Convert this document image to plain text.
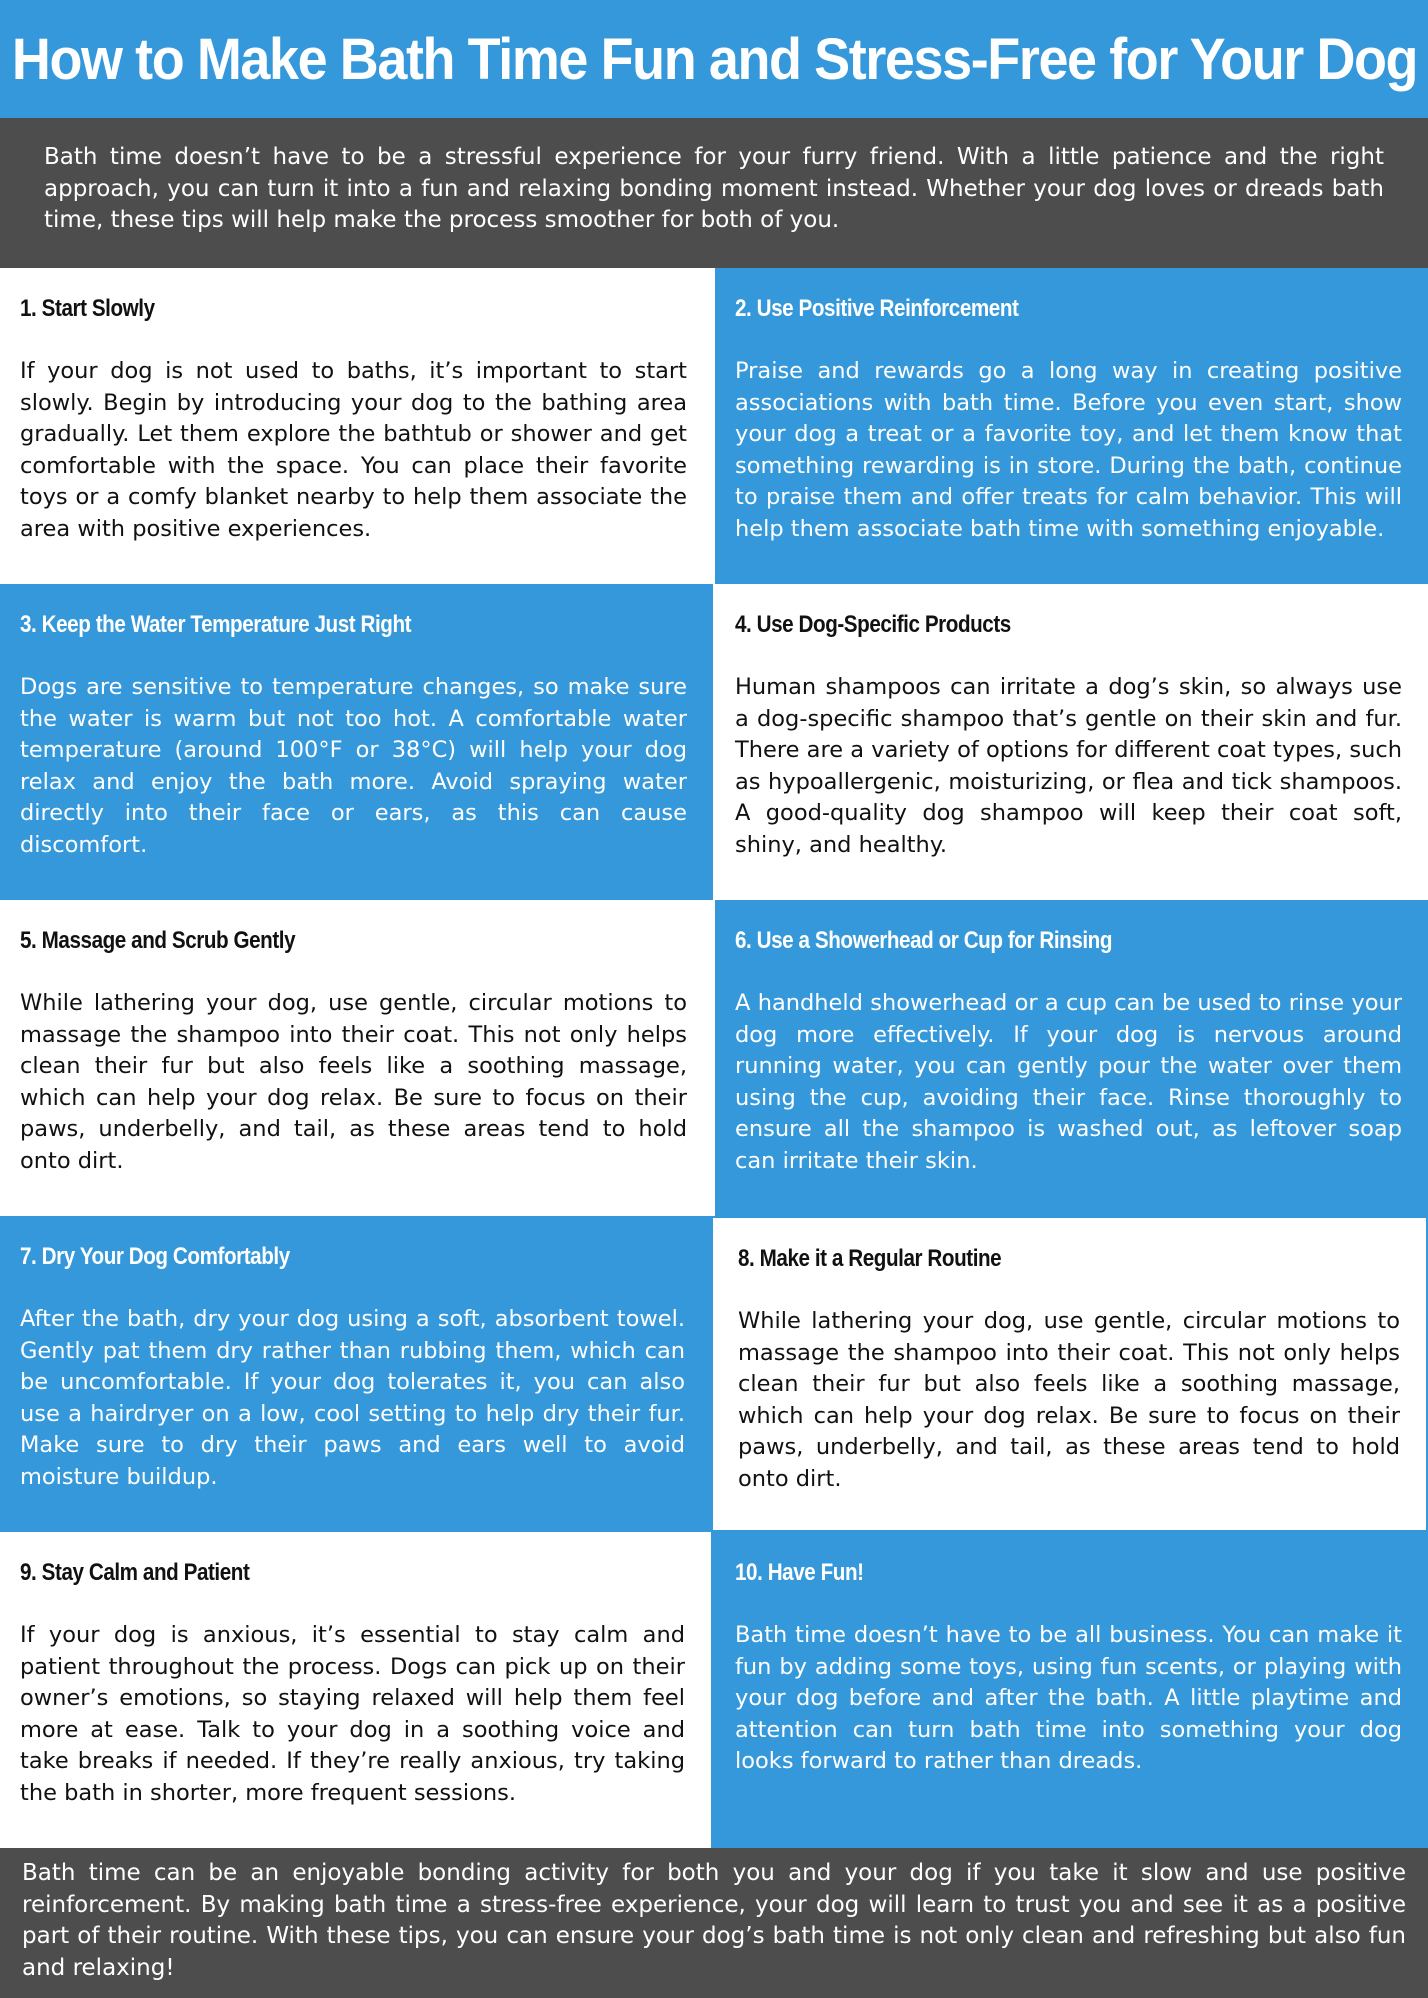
How to Make Bath Time Fun and Stress-Free for Your Dog

Bath time doesn’t have to be a stressful experience for your furry friend. With a little patience and the right approach, you can turn it into a fun and relaxing bonding moment instead. Whether your dog loves or dreads bath time, these tips will help make the process smoother for both of you.

1. Start Slowly

If your dog is not used to baths, it’s important to start slowly. Begin by introducing your dog to the bathing area gradually. Let them explore the bathtub or shower and get comfortable with the space. You can place their favorite toys or a comfy blanket nearby to help them associate the area with positive experiences.

2. Use Positive Reinforcement

Praise and rewards go a long way in creating positive associations with bath time. Before you even start, show your dog a treat or a favorite toy, and let them know that something rewarding is in store. During the bath, continue to praise them and offer treats for calm behavior. This will help them associate bath time with something enjoyable.

3. Keep the Water Temperature Just Right

Dogs are sensitive to temperature changes, so make sure the water is warm but not too hot. A comfortable water temperature (around 100°F or 38°C) will help your dog relax and enjoy the bath more. Avoid spraying water directly into their face or ears, as this can cause discomfort.

4. Use Dog-Specific Products

Human shampoos can irritate a dog’s skin, so always use a dog-specific shampoo that’s gentle on their skin and fur. There are a variety of options for different coat types, such as hypoallergenic, moisturizing, or flea and tick shampoos. A good-quality dog shampoo will keep their coat soft, shiny, and healthy.

5. Massage and Scrub Gently

While lathering your dog, use gentle, circular motions to massage the shampoo into their coat. This not only helps clean their fur but also feels like a soothing massage, which can help your dog relax. Be sure to focus on their paws, underbelly, and tail, as these areas tend to hold onto dirt.

6. Use a Showerhead or Cup for Rinsing

A handheld showerhead or a cup can be used to rinse your dog more effectively. If your dog is nervous around running water, you can gently pour the water over them using the cup, avoiding their face. Rinse thoroughly to ensure all the shampoo is washed out, as leftover soap can irritate their skin.

7. Dry Your Dog Comfortably

After the bath, dry your dog using a soft, absorbent towel. Gently pat them dry rather than rubbing them, which can be uncomfortable. If your dog tolerates it, you can also use a hairdryer on a low, cool setting to help dry their fur. Make sure to dry their paws and ears well to avoid moisture buildup.

8. Make it a Regular Routine

While lathering your dog, use gentle, circular motions to massage the shampoo into their coat. This not only helps clean their fur but also feels like a soothing massage, which can help your dog relax. Be sure to focus on their paws, underbelly, and tail, as these areas tend to hold onto dirt.

9. Stay Calm and Patient

If your dog is anxious, it’s essential to stay calm and patient throughout the process. Dogs can pick up on their owner’s emotions, so staying relaxed will help them feel more at ease. Talk to your dog in a soothing voice and take breaks if needed. If they’re really anxious, try taking the bath in shorter, more frequent sessions.

10. Have Fun!

Bath time doesn’t have to be all business. You can make it fun by adding some toys, using fun scents, or playing with your dog before and after the bath. A little playtime and attention can turn bath time into something your dog looks forward to rather than dreads.

Bath time can be an enjoyable bonding activity for both you and your dog if you take it slow and use positive reinforcement. By making bath time a stress-free experience, your dog will learn to trust you and see it as a positive part of their routine. With these tips, you can ensure your dog’s bath time is not only clean and refreshing but also fun and relaxing!
